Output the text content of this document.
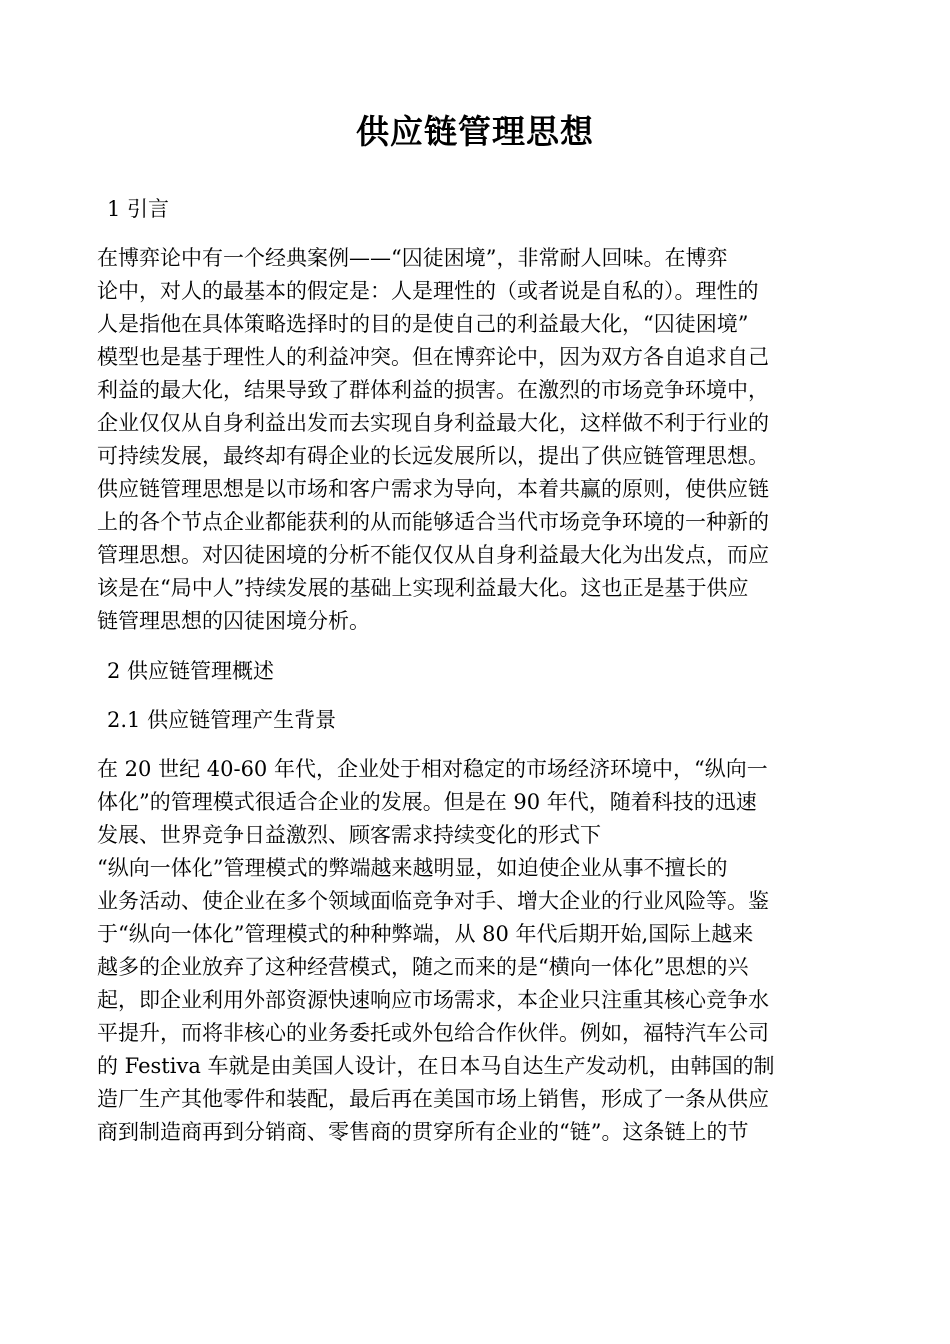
供应链管理思想
1 引言
在博弈论中有一个经典案例——“囚徒困境”，非常耐人回味。在博弈
论中，对人的最基本的假定是：人是理性的（或者说是自私的）。理性的
人是指他在具体策略选择时的目的是使自己的利益最大化，“囚徒困境”
模型也是基于理性人的利益冲突。但在博弈论中，因为双方各自追求自己
利益的最大化，结果导致了群体利益的损害。在激烈的市场竞争环境中，
企业仅仅从自身利益出发而去实现自身利益最大化，这样做不利于行业的
可持续发展，最终却有碍企业的长远发展所以，提出了供应链管理思想。
供应链管理思想是以市场和客户需求为导向，本着共赢的原则，使供应链
上的各个节点企业都能获利的从而能够适合当代市场竞争环境的一种新的
管理思想。对囚徒困境的分析不能仅仅从自身利益最大化为出发点，而应
该是在“局中人”持续发展的基础上实现利益最大化。这也正是基于供应
链管理思想的囚徒困境分析。
2 供应链管理概述
2.1 供应链管理产生背景
在 20 世纪 40-60 年代，企业处于相对稳定的市场经济环境中，“纵向一
体化”的管理模式很适合企业的发展。但是在 90 年代，随着科技的迅速
发展、世界竞争日益激烈、顾客需求持续变化的形式下
“纵向一体化”管理模式的弊端越来越明显，如迫使企业从事不擅长的
业务活动、使企业在多个领域面临竞争对手、增大企业的行业风险等。鉴
于“纵向一体化”管理模式的种种弊端，从 80 年代后期开始,国际上越来
越多的企业放弃了这种经营模式，随之而来的是“横向一体化”思想的兴
起，即企业利用外部资源快速响应市场需求，本企业只注重其核心竞争水
平提升，而将非核心的业务委托或外包给合作伙伴。例如，福特汽车公司
的 Festiva 车就是由美国人设计，在日本马自达生产发动机，由韩国的制
造厂生产其他零件和装配，最后再在美国市场上销售，形成了一条从供应
商到制造商再到分销商、零售商的贯穿所有企业的“链”。这条链上的节
